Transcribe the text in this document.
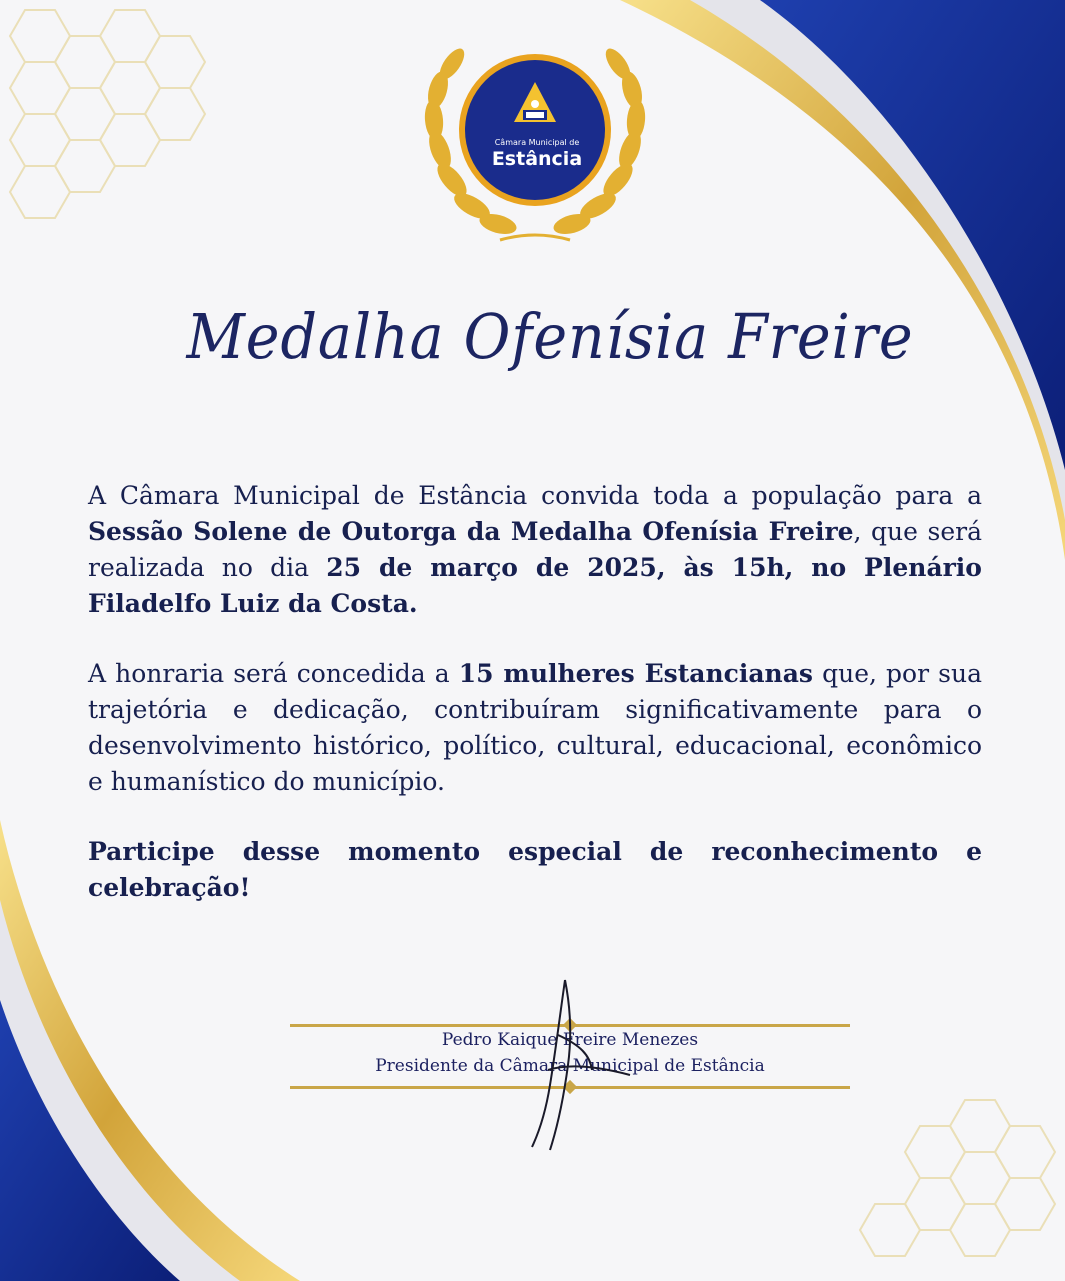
Câmara Municipal de
Estância
Medalha Ofenísia Freire

A Câmara Municipal de Estância convida toda a população para a Sessão Solene de Outorga da Medalha Ofenísia Freire, que será realizada no dia 25 de março de 2025, às 15h, no Plenário Filadelfo Luiz da Costa.

A honraria será concedida a 15 mulheres Estancianas que, por sua trajetória e dedicação, contribuíram significativamente para o desenvolvimento histórico, político, cultural, educacional, econômico e humanístico do município.

Participe desse momento especial de reconhecimento e celebração!

Pedro Kaique Freire Menezes
Presidente da Câmara Municipal de Estância
